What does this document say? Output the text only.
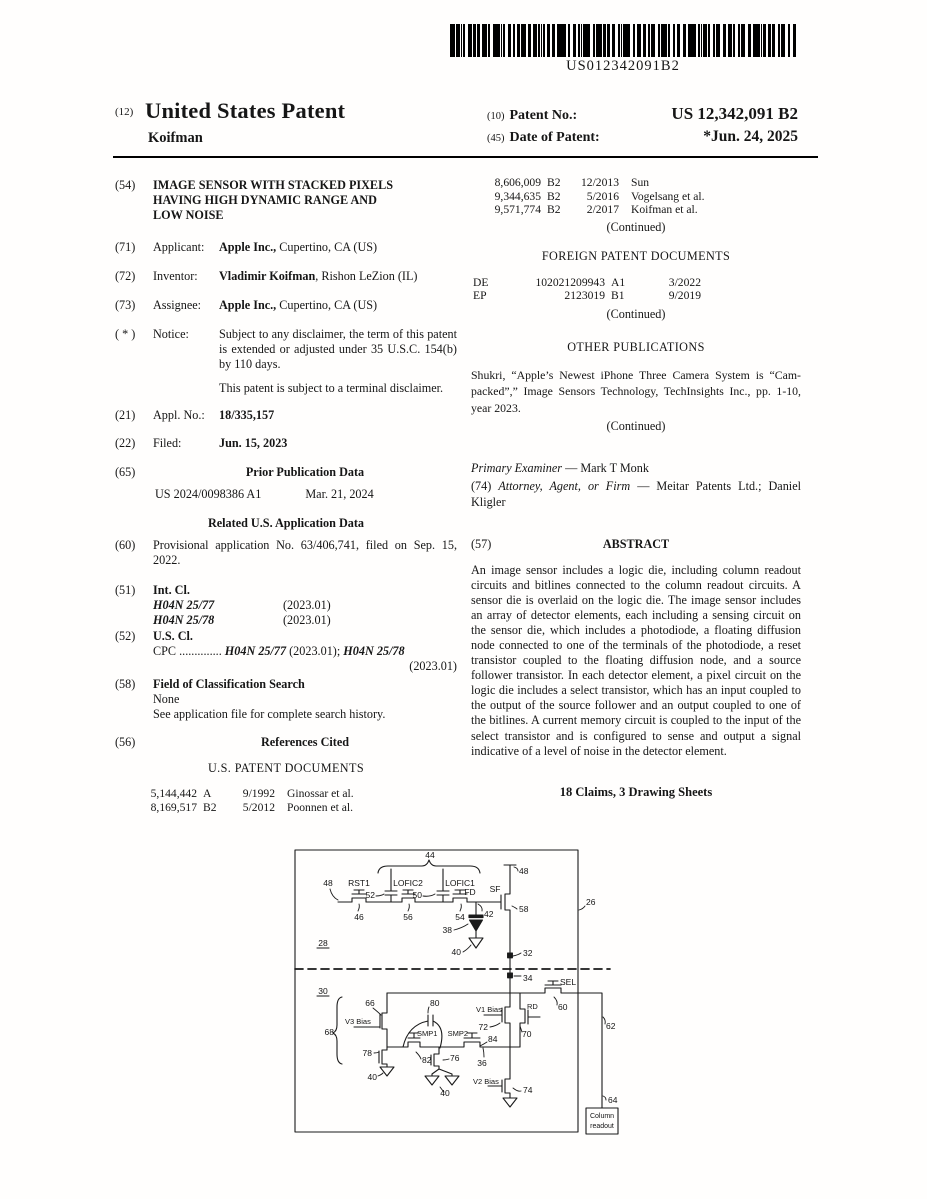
US012342091B2
(12) United States Patent
Koifman
(10) Patent No.:	US 12,342,091 B2
(45) Date of Patent:	*Jun. 24, 2025
(54)	IMAGE SENSOR WITH STACKED PIXELS
HAVING HIGH DYNAMIC RANGE AND
LOW NOISE
(71)	Applicant:	Apple Inc., Cupertino, CA (US)
(72)	Inventor:	Vladimir Koifman, Rishon LeZion (IL)
(73)	Assignee:	Apple Inc., Cupertino, CA (US)
( * )	Notice:	Subject to any disclaimer, the term of this patent is extended or adjusted under 35 U.S.C. 154(b) by 110 days.
This patent is subject to a terminal disclaimer.
(21)	Appl. No.:	18/335,157
(22)	Filed:	Jun. 15, 2023
(65)	Prior Publication Data
US 2024/0098386 A1	Mar. 21, 2024
Related U.S. Application Data
(60)	Provisional application No. 63/406,741, filed on Sep. 15, 2022.
(51)	Int. Cl.
H04N 25/77	(2023.01)
H04N 25/78	(2023.01)
(52)	U.S. Cl.
CPC .............. H04N 25/77 (2023.01); H04N 25/78
(2023.01)
(58)	Field of Classification Search
None
See application file for complete search history.
(56)	References Cited
U.S. PATENT DOCUMENTS
5,144,442 A	9/1992	Ginossar et al.
8,169,517 B2	5/2012	Poonnen et al.
8,606,009 B2	12/2013	Sun
9,344,635 B2	5/2016	Vogelsang et al.
9,571,774 B2	2/2017	Koifman et al.
(Continued)
FOREIGN PATENT DOCUMENTS
DE	102021209943 A1	3/2022
EP	2123019 B1	9/2019
(Continued)
OTHER PUBLICATIONS
Shukri, “Apple’s Newest iPhone Three Camera System is “Cam-packed”,” Image Sensors Technology, TechInsights Inc., pp. 1-10, year 2023.
(Continued)
Primary Examiner — Mark T Monk
(74) Attorney, Agent, or Firm — Meitar Patents Ltd.; Daniel Kligler
(57)	ABSTRACT
An image sensor includes a logic die, including column readout circuits and bitlines connected to the column readout circuits. A sensor die is overlaid on the logic die. The image sensor includes an array of detector elements, each including a sensing circuit on the sensor die, which includes a photodiode, a floating diffusion node connected to one of the terminals of the photodiode, a reset transistor coupled to the floating diffusion node, and a source follower transistor. In each detector element, a pixel circuit on the logic die includes a select transistor, which has an input coupled to the output of the source follower and an output coupled to one of the bitlines. A current memory circuit is coupled to the input of the select transistor and is configured to sense and output a signal indicative of a level of noise in the detector element.
18 Claims, 3 Drawing Sheets
44
48 RST1
52
LOFIC2
50
LOFIC1
FD SF
48
58
46	56	54 42
38
40
28
26
32
34
30
SEL
60
66	80
V1 Bias	RD
68
V3 Bias
72
70
SMP1 SMP2
84
78
82 76 36
40
40
V2 Bias
74
62
64
Column
readout
